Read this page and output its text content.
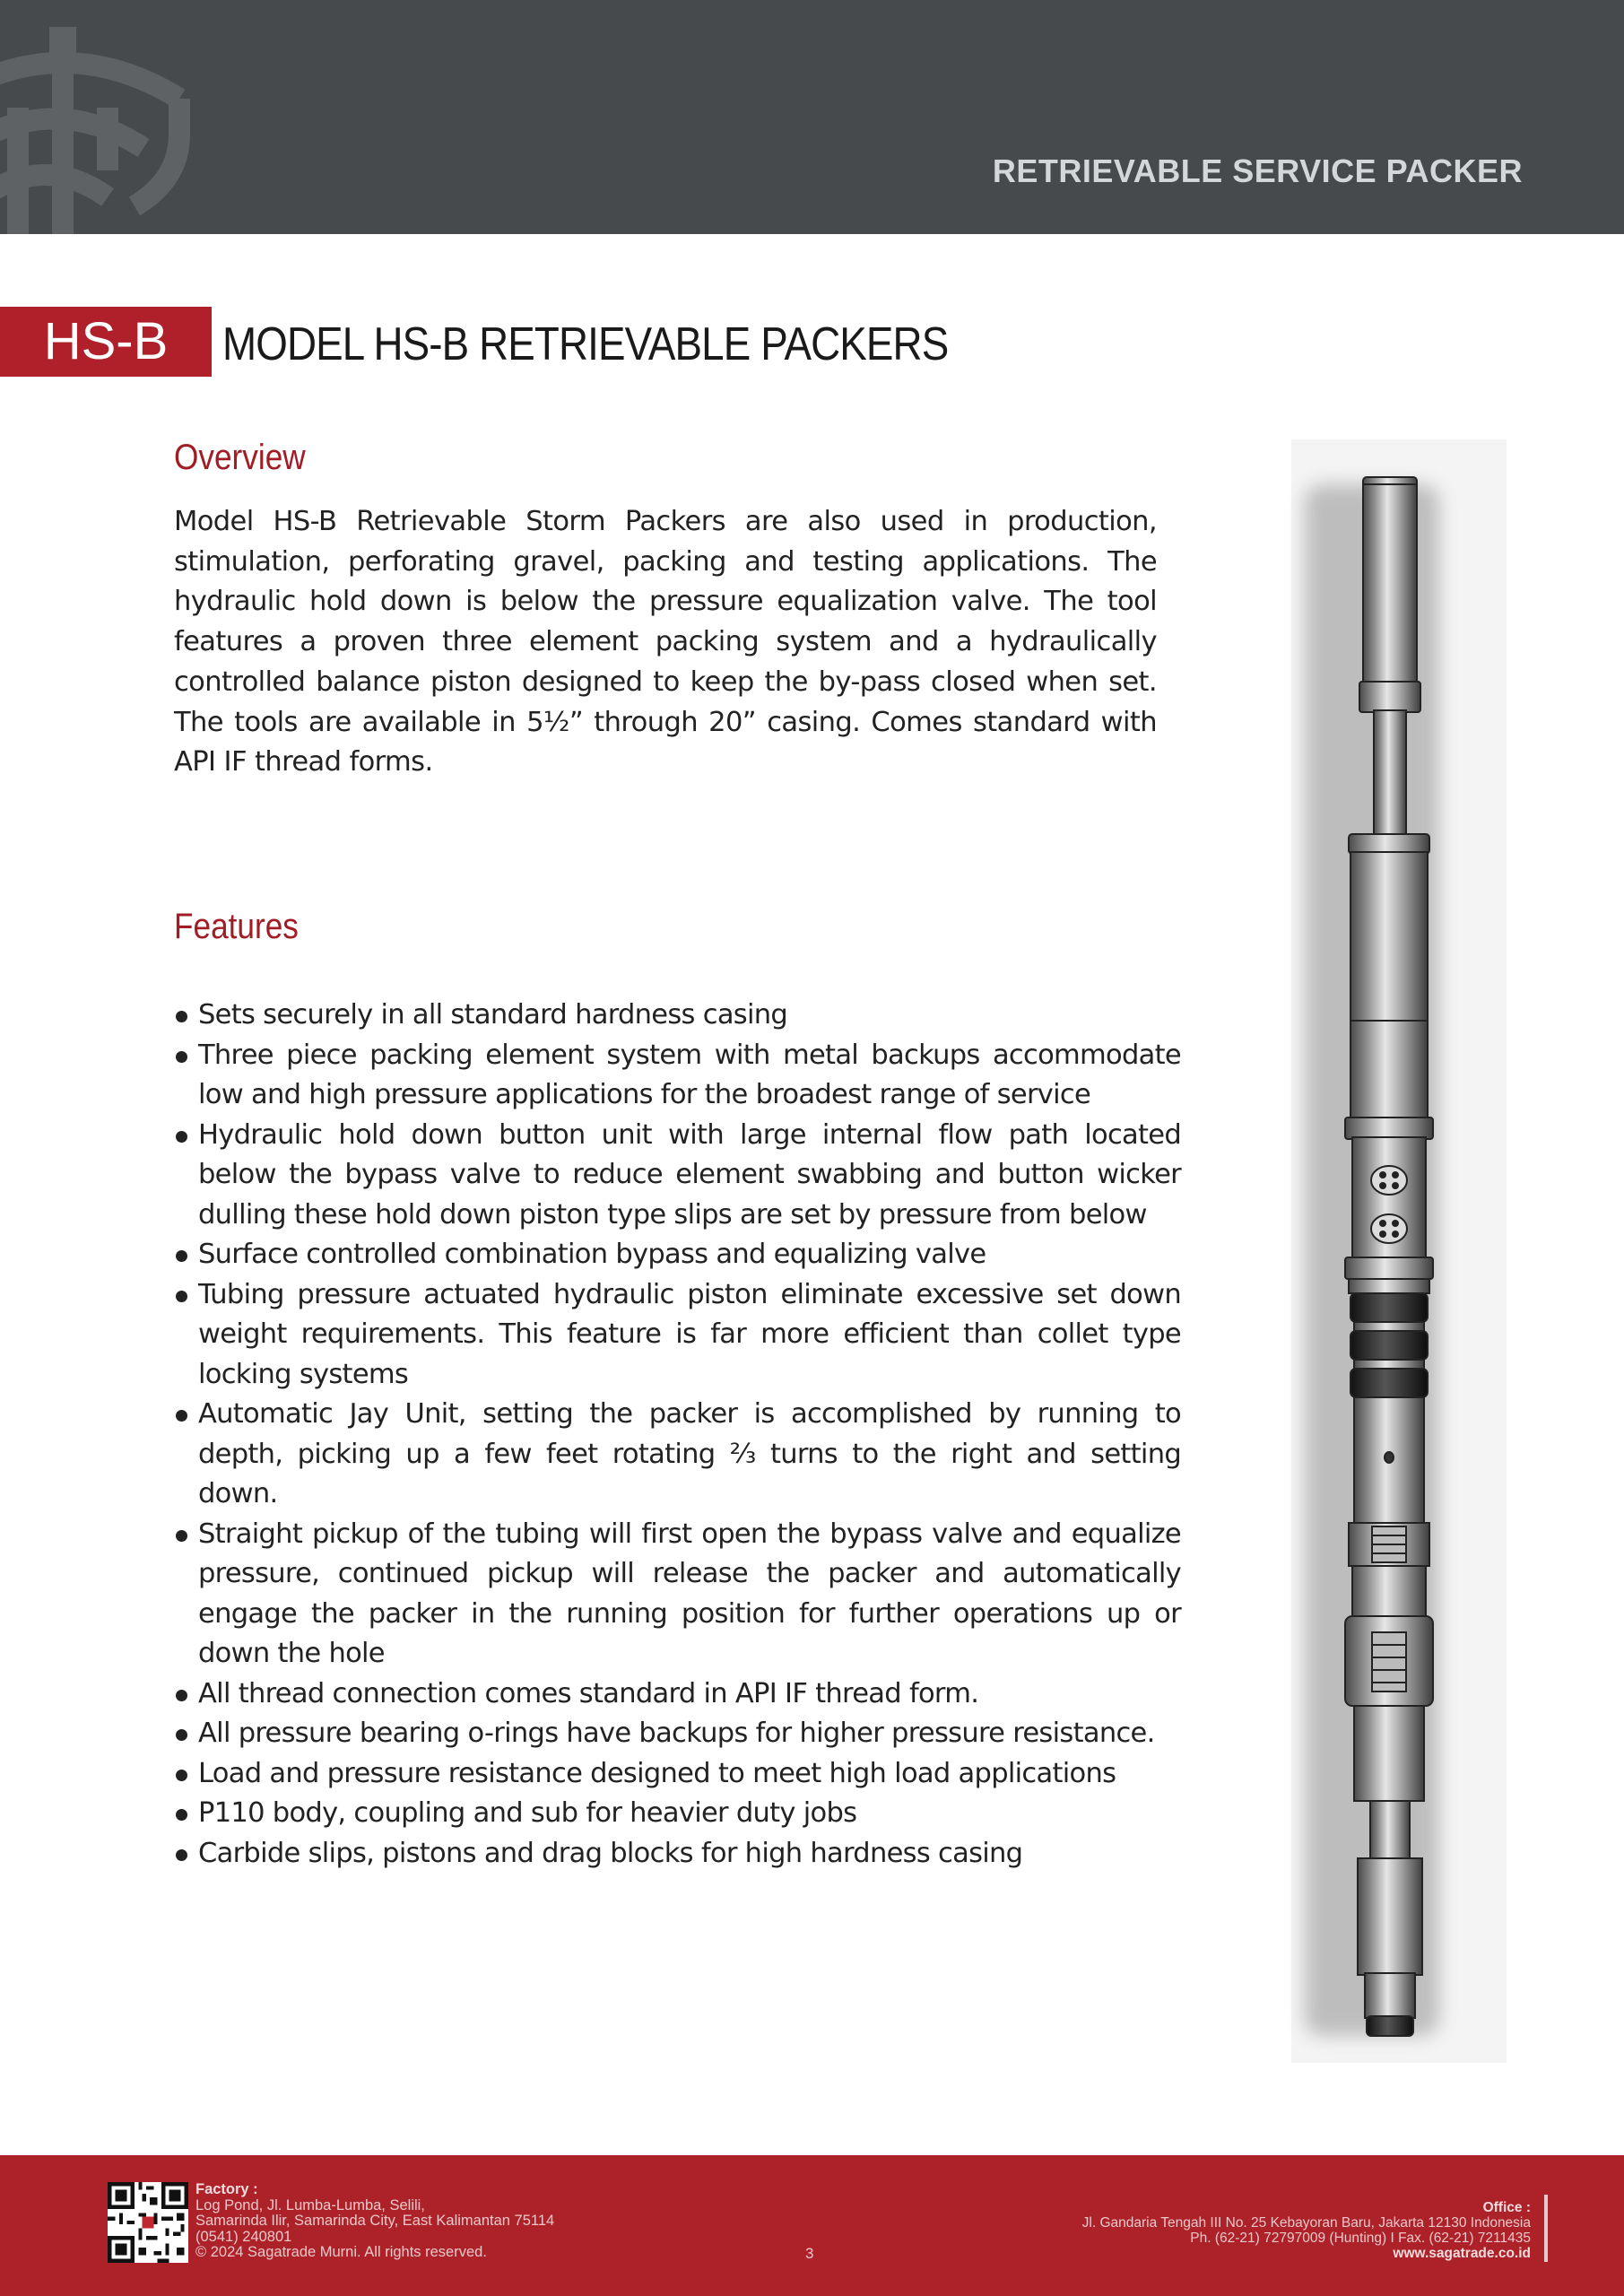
RETRIEVABLE SERVICE PACKER
HS-B	MODEL HS-B RETRIEVABLE PACKERS
Overview
Model HS-B Retrievable Storm Packers are also used in production, stimulation, perforating gravel, packing and testing applications. The hydraulic hold down is below the pressure equalization valve. The tool features a proven three element packing system and a hydraulically controlled balance piston designed to keep the by-pass closed when set. The tools are available in 5½” through 20” casing. Comes standard with API IF thread forms.
Features
Sets securely in all standard hardness casing
Three piece packing element system with metal backups accommodate low and high pressure applications for the broadest range of service
Hydraulic hold down button unit with large internal flow path located below the bypass valve to reduce element swabbing and button wicker dulling these hold down piston type slips are set by pressure from below
Surface controlled combination bypass and equalizing valve
Tubing pressure actuated hydraulic piston eliminate excessive set down weight requirements. This feature is far more efficient than collet type locking systems
Automatic Jay Unit, setting the packer is accomplished by running to depth, picking up a few feet rotating ⅔ turns to the right and setting down.
Straight pickup of the tubing will first open the bypass valve and equalize pressure, continued pickup will release the packer and automatically engage the packer in the running position for further operations up or down the hole
All thread connection comes standard in API IF thread form.
All pressure bearing o-rings have backups for higher pressure resistance.
Load and pressure resistance designed to meet high load applications
P110 body, coupling and sub for heavier duty jobs
Carbide slips, pistons and drag blocks for high hardness casing
Factory :
Log Pond, Jl. Lumba-Lumba, Selili,
Samarinda Ilir, Samarinda City, East Kalimantan 75114
(0541) 240801
© 2024 Sagatrade Murni. All rights reserved.	3
Office :
Jl. Gandaria Tengah III No. 25 Kebayoran Baru, Jakarta 12130 Indonesia
Ph. (62-21) 72797009 (Hunting) I Fax. (62-21) 7211435
www.sagatrade.co.id
